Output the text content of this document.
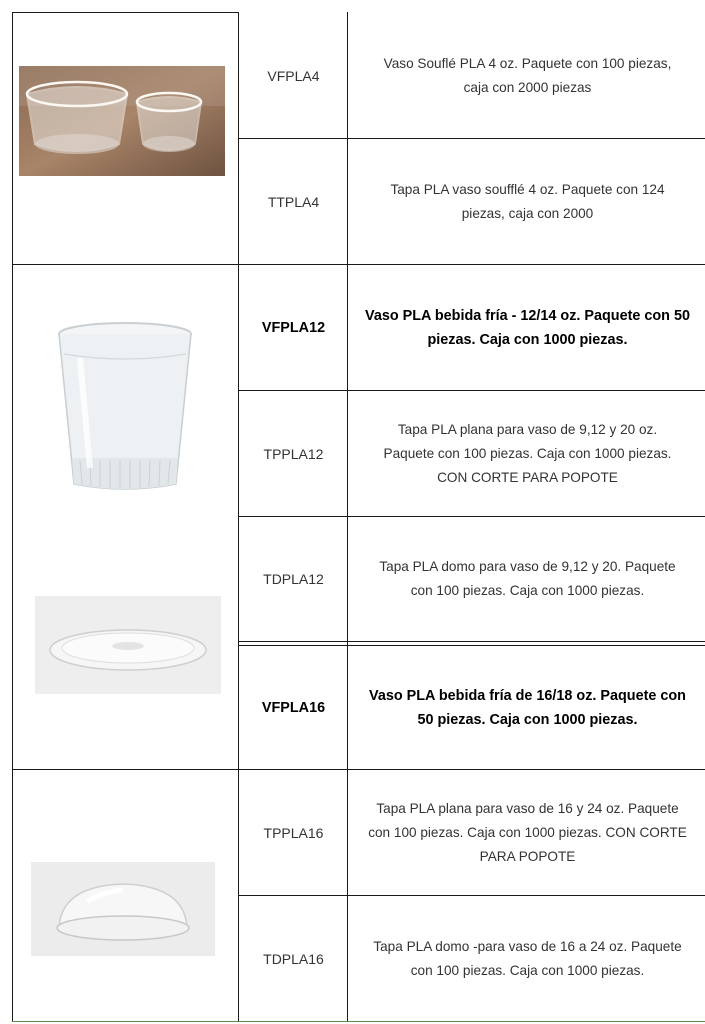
VFPLA4
Vaso Souflé PLA 4 oz. Paquete con 100 piezas,
caja con 2000 piezas
TTPLA4
Tapa PLA vaso soufflé 4 oz. Paquete con 124
piezas, caja con 2000
VFPLA12
Vaso PLA bebida fría - 12/14 oz. Paquete con 50
piezas. Caja con 1000 piezas.
TPPLA12
Tapa PLA plana para vaso de 9,12 y 20 oz.
Paquete con 100 piezas. Caja con 1000 piezas.
CON CORTE PARA POPOTE
TDPLA12
Tapa PLA domo para vaso de 9,12 y 20. Paquete
con 100 piezas. Caja con 1000 piezas.
VFPLA16
Vaso PLA bebida fría de 16/18 oz. Paquete con
50 piezas. Caja con 1000 piezas.
TPPLA16
Tapa PLA plana para vaso de 16 y 24 oz. Paquete
con 100 piezas. Caja con 1000 piezas. CON CORTE
PARA POPOTE
TDPLA16
Tapa PLA domo -para vaso de 16 a 24 oz. Paquete
con 100 piezas. Caja con 1000 piezas.
